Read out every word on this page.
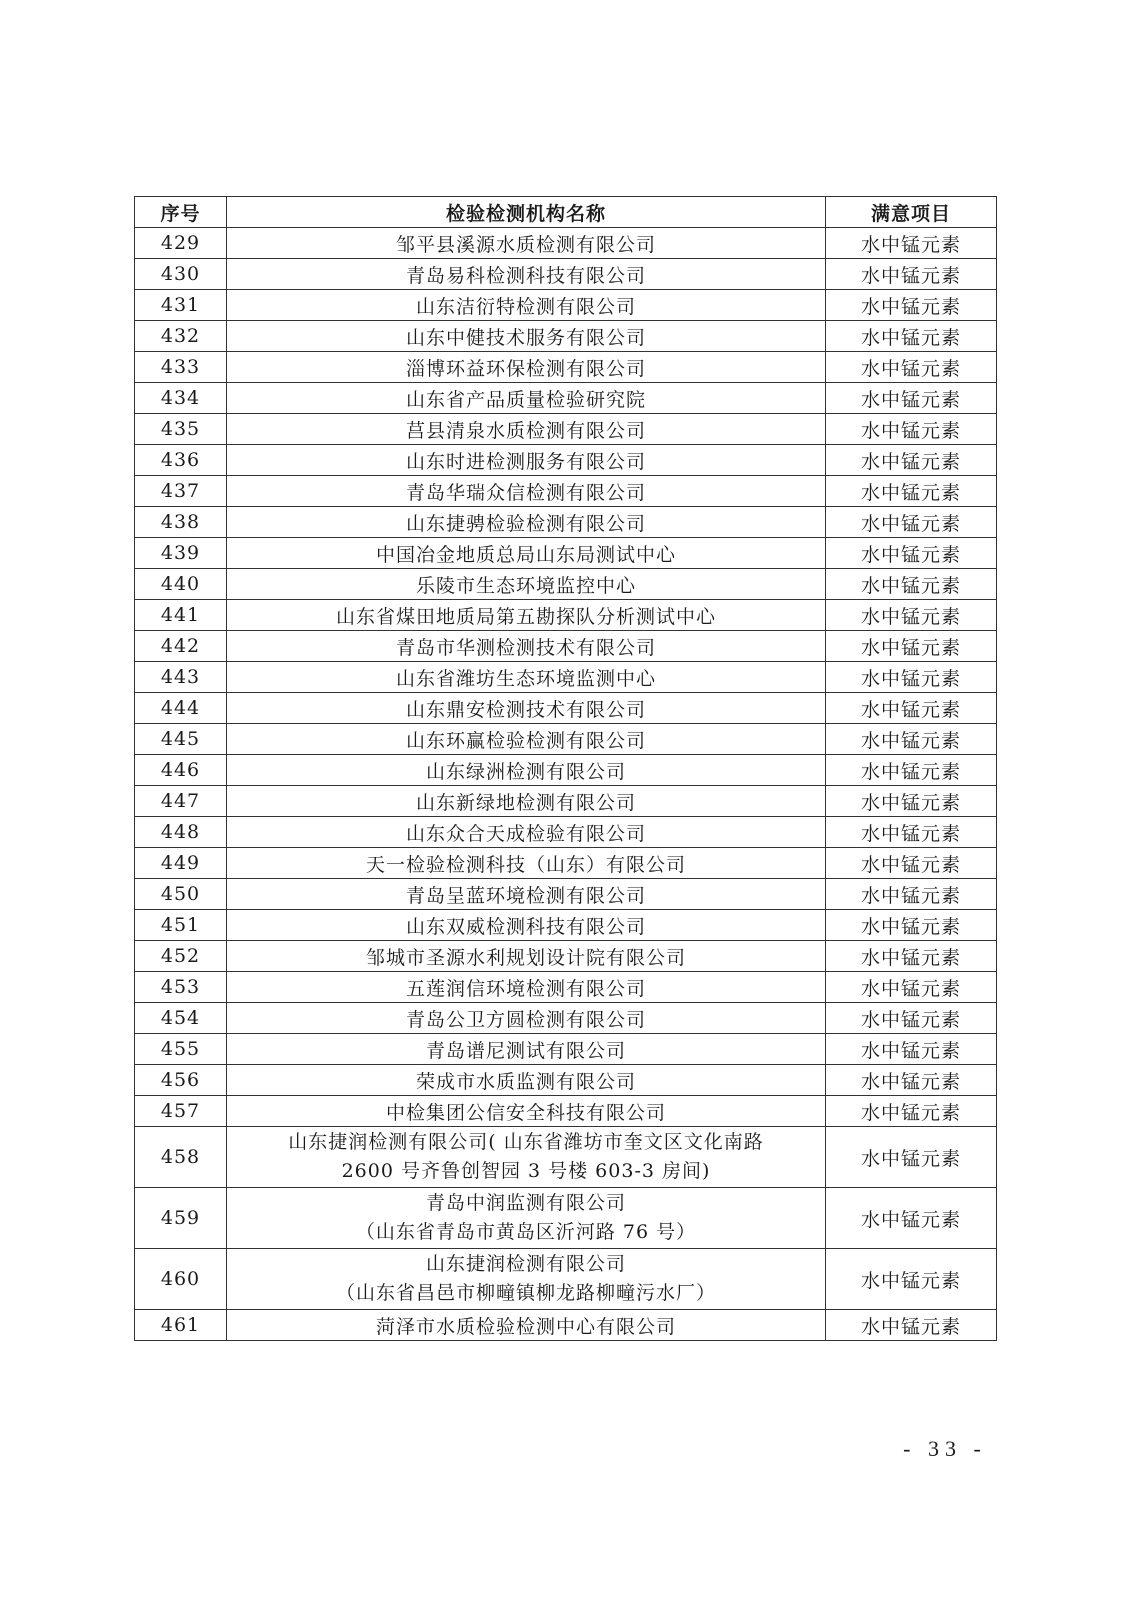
序号	检验检测机构名称	满意项目
429	邹平县溪源水质检测有限公司	水中锰元素
430	青岛易科检测科技有限公司	水中锰元素
431	山东洁衍特检测有限公司	水中锰元素
432	山东中健技术服务有限公司	水中锰元素
433	淄博环益环保检测有限公司	水中锰元素
434	山东省产品质量检验研究院	水中锰元素
435	莒县清泉水质检测有限公司	水中锰元素
436	山东时进检测服务有限公司	水中锰元素
437	青岛华瑞众信检测有限公司	水中锰元素
438	山东捷骋检验检测有限公司	水中锰元素
439	中国冶金地质总局山东局测试中心	水中锰元素
440	乐陵市生态环境监控中心	水中锰元素
441	山东省煤田地质局第五勘探队分析测试中心	水中锰元素
442	青岛市华测检测技术有限公司	水中锰元素
443	山东省潍坊生态环境监测中心	水中锰元素
444	山东鼎安检测技术有限公司	水中锰元素
445	山东环赢检验检测有限公司	水中锰元素
446	山东绿洲检测有限公司	水中锰元素
447	山东新绿地检测有限公司	水中锰元素
448	山东众合天成检验有限公司	水中锰元素
449	天一检验检测科技（山东）有限公司	水中锰元素
450	青岛呈蓝环境检测有限公司	水中锰元素
451	山东双威检测科技有限公司	水中锰元素
452	邹城市圣源水利规划设计院有限公司	水中锰元素
453	五莲润信环境检测有限公司	水中锰元素
454	青岛公卫方圆检测有限公司	水中锰元素
455	青岛谱尼测试有限公司	水中锰元素
456	荣成市水质监测有限公司	水中锰元素
457	中检集团公信安全科技有限公司	水中锰元素
458	山东捷润检测有限公司( 山东省潍坊市奎文区文化南路
2600 号齐鲁创智园 3 号楼 603-3 房间)	水中锰元素
459	青岛中润监测有限公司
（山东省青岛市黄岛区沂河路 76 号）	水中锰元素
460	山东捷润检测有限公司
（山东省昌邑市柳疃镇柳龙路柳疃污水厂）	水中锰元素
461	菏泽市水质检验检测中心有限公司	水中锰元素
- 33 -
